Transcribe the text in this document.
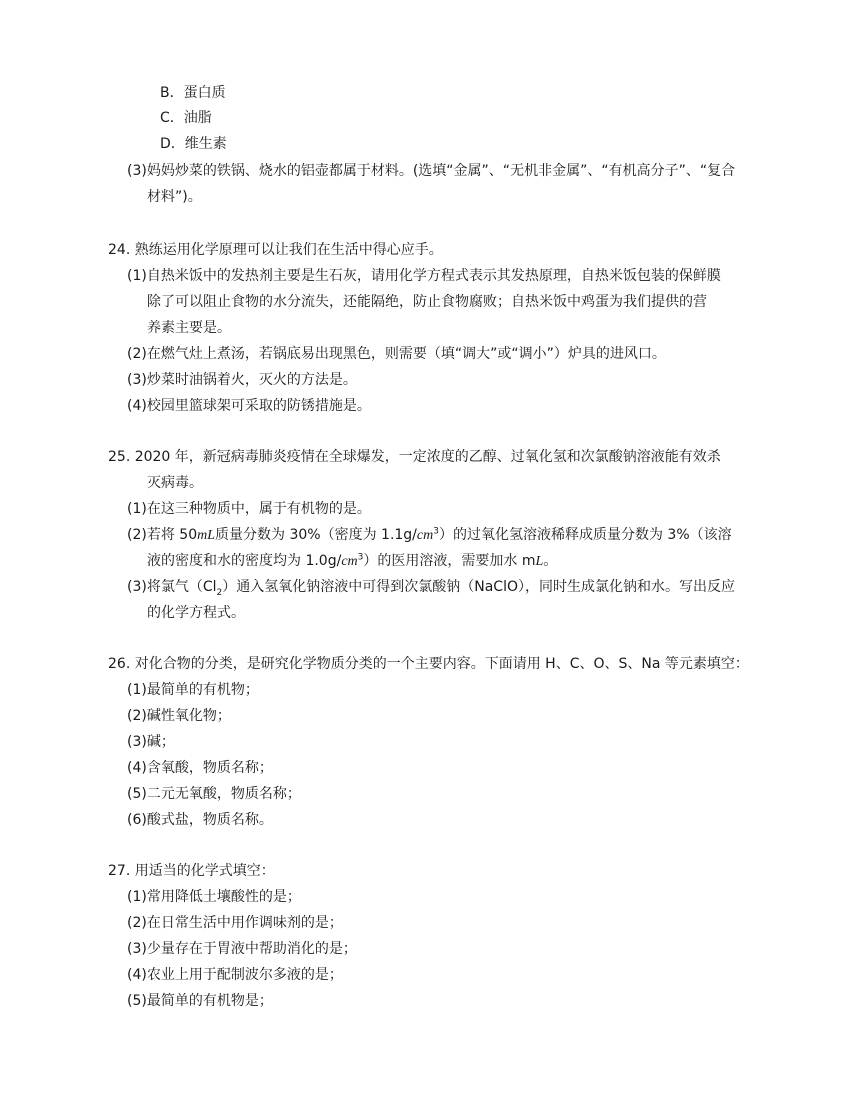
B．蛋白质
C．油脂
D．维生素
(3)妈妈炒菜的铁锅、烧水的铝壶都属于材料。(选填“金属”、“无机非金属”、“有机高分子”、“复合
材料”)。
24. 熟练运用化学原理可以让我们在生活中得心应手。
(1)自热米饭中的发热剂主要是生石灰，请用化学方程式表示其发热原理，自热米饭包装的保鲜膜
除了可以阻止食物的水分流失，还能隔绝，防止食物腐败；自热米饭中鸡蛋为我们提供的营
养素主要是。
(2)在燃气灶上煮汤，若锅底易出现黑色，则需要（填“调大”或“调小”）炉具的进风口。
(3)炒菜时油锅着火，灭火的方法是。
(4)校园里篮球架可采取的防锈措施是。
25. 2020 年，新冠病毒肺炎疫情在全球爆发，一定浓度的乙醇、过氧化氢和次氯酸钠溶液能有效杀
灭病毒。
(1)在这三种物质中，属于有机物的是。
(2)若将 50mL质量分数为 30%（密度为 $1.1g/cm^3$）的过氧化氢溶液稀释成质量分数为 3%（该溶
液的密度和水的密度均为 $1.0g/cm^3$）的医用溶液，需要加水 mL。
(3)将氯气$(Cl_2)$通入氢氧化钠溶液中可得到次氯酸钠（NaClO），同时生成氯化钠和水。写出反应
的化学方程式。
26. 对化合物的分类，是研究化学物质分类的一个主要内容。下面请用 H、C、O、S、Na 等元素填空：
(1)最简单的有机物；
(2)碱性氧化物；
(3)碱；
(4)含氧酸，物质名称；
(5)二元无氧酸，物质名称；
(6)酸式盐，物质名称。
27. 用适当的化学式填空：
(1)常用降低土壤酸性的是；
(2)在日常生活中用作调味剂的是；
(3)少量存在于胃液中帮助消化的是；
(4)农业上用于配制波尔多液的是；
(5)最简单的有机物是；
